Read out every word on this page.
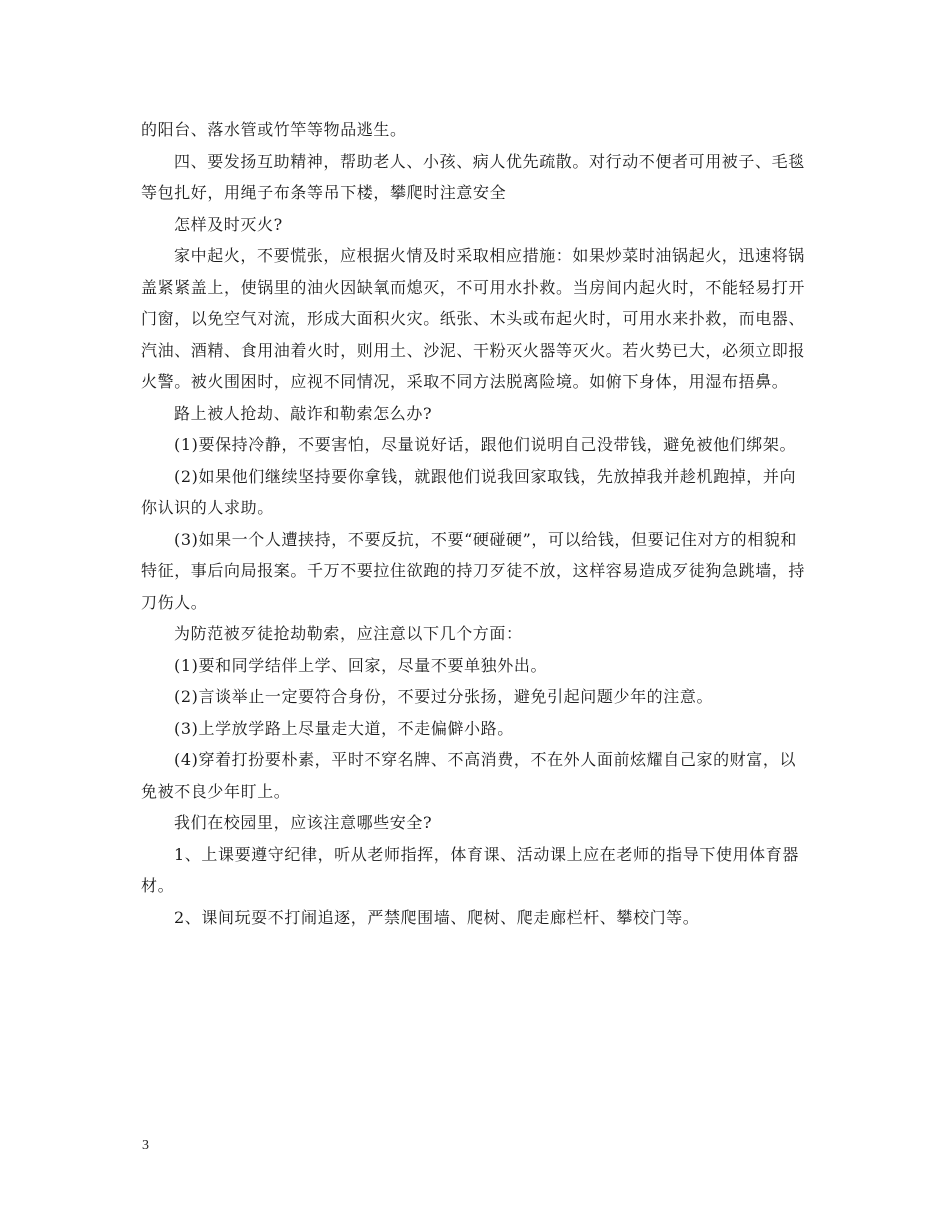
的阳台、落水管或竹竿等物品逃生。

四、要发扬互助精神，帮助老人、小孩、病人优先疏散。对行动不便者可用被子、毛毯等包扎好，用绳子布条等吊下楼，攀爬时注意安全

怎样及时灭火?

家中起火，不要慌张，应根据火情及时采取相应措施：如果炒菜时油锅起火，迅速将锅盖紧紧盖上，使锅里的油火因缺氧而熄灭，不可用水扑救。当房间内起火时，不能轻易打开门窗，以免空气对流，形成大面积火灾。纸张、木头或布起火时，可用水来扑救，而电器、汽油、酒精、食用油着火时，则用土、沙泥、干粉灭火器等灭火。若火势已大，必须立即报火警。被火围困时，应视不同情况，采取不同方法脱离险境。如俯下身体，用湿布捂鼻。

路上被人抢劫、敲诈和勒索怎么办?

(1)要保持冷静，不要害怕，尽量说好话，跟他们说明自己没带钱，避免被他们绑架。

(2)如果他们继续坚持要你拿钱，就跟他们说我回家取钱，先放掉我并趁机跑掉，并向你认识的人求助。

(3)如果一个人遭挟持，不要反抗，不要“硬碰硬”，可以给钱，但要记住对方的相貌和特征，事后向局报案。千万不要拉住欲跑的持刀歹徒不放，这样容易造成歹徒狗急跳墙，持刀伤人。

为防范被歹徒抢劫勒索，应注意以下几个方面：

(1)要和同学结伴上学、回家，尽量不要单独外出。

(2)言谈举止一定要符合身份，不要过分张扬，避免引起问题少年的注意。

(3)上学放学路上尽量走大道，不走偏僻小路。

(4)穿着打扮要朴素，平时不穿名牌、不高消费，不在外人面前炫耀自己家的财富，以免被不良少年盯上。

我们在校园里，应该注意哪些安全?

1、上课要遵守纪律，听从老师指挥，体育课、活动课上应在老师的指导下使用体育器材。

2、课间玩耍不打闹追逐，严禁爬围墙、爬树、爬走廊栏杆、攀校门等。

3
